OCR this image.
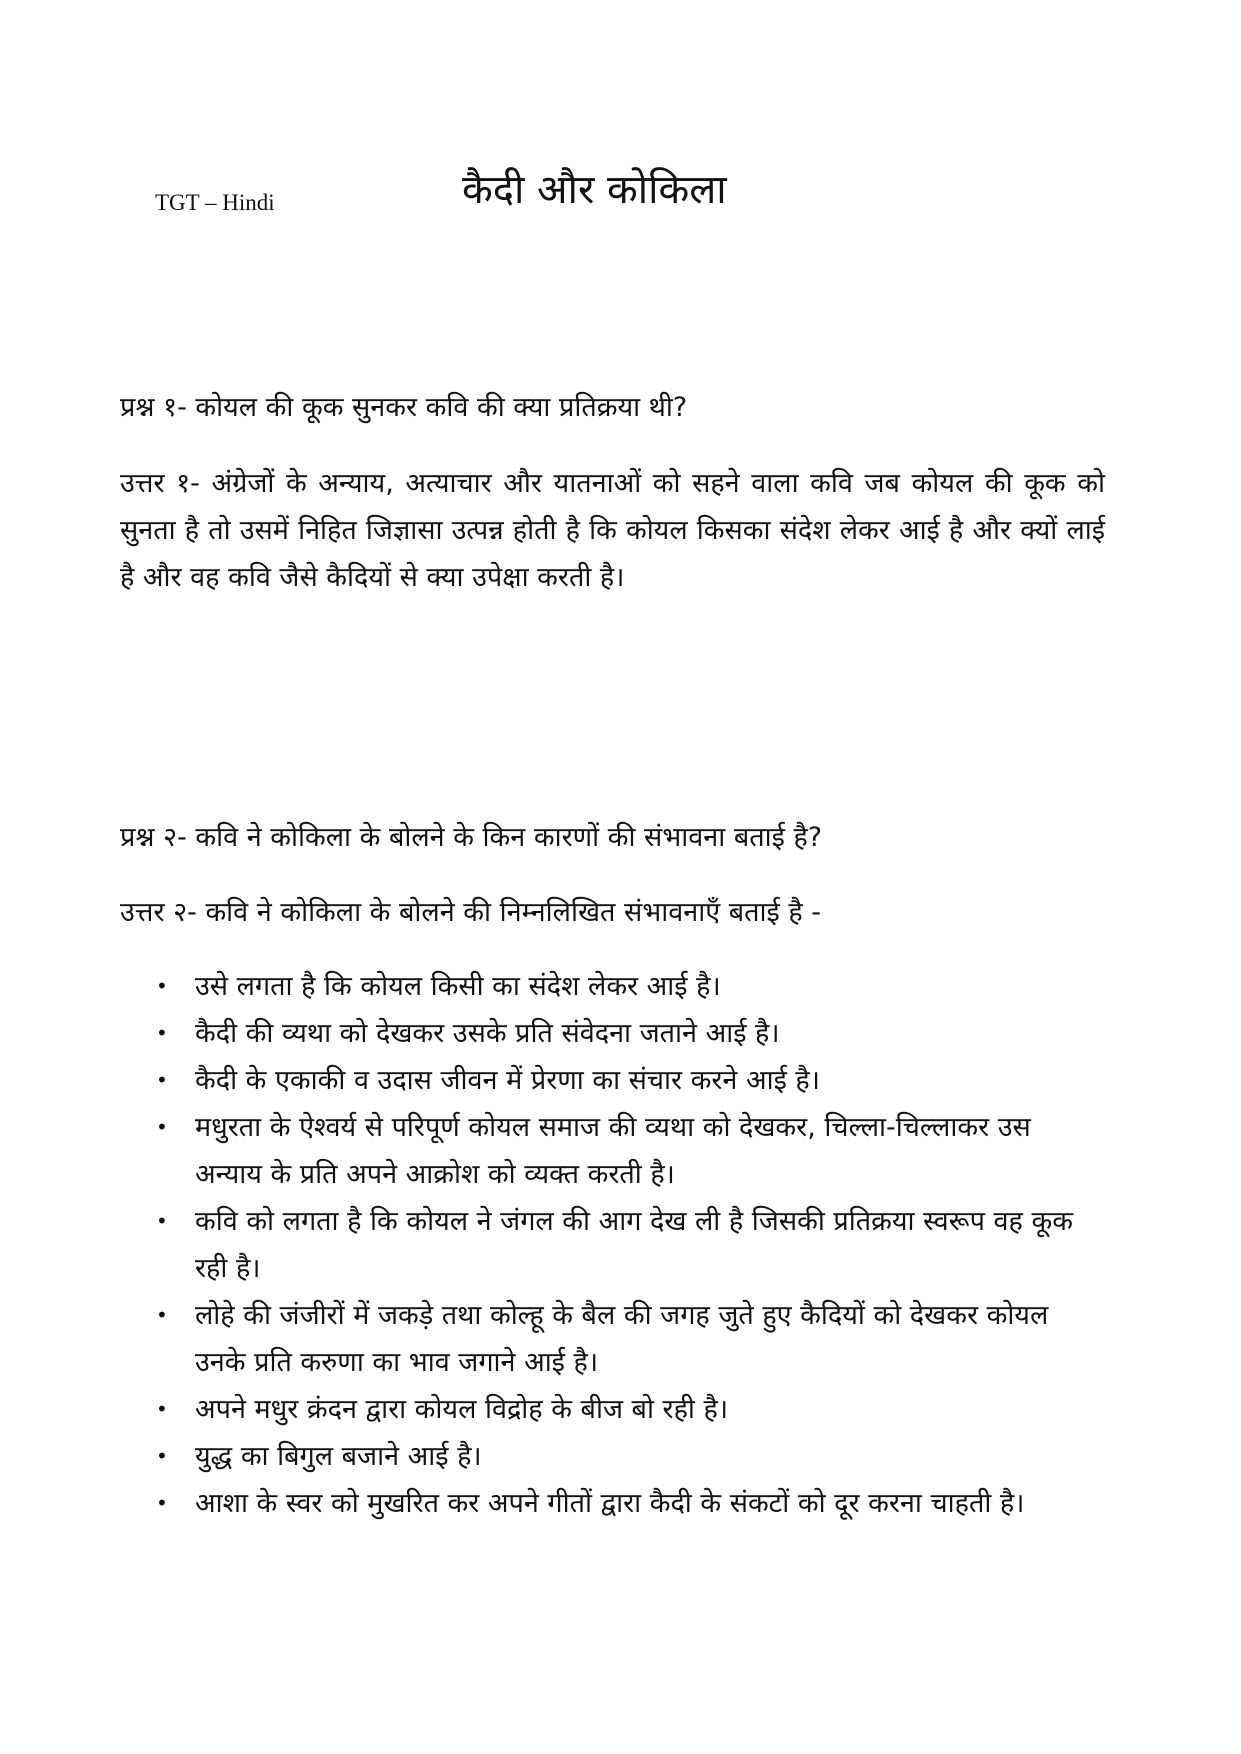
TGT – Hindi	कैदी और कोकिला
प्रश्न १- कोयल की कूक सुनकर कवि की क्या प्रतिक्रया थी?
उत्तर १- अंग्रेजों के अन्याय, अत्याचार और यातनाओं को सहने वाला कवि जब कोयल की कूक को सुनता है तो उसमें निहित जिज्ञासा उत्पन्न होती है कि कोयल किसका संदेश लेकर आई है और क्यों लाई है और वह कवि जैसे कैदियों से क्या उपेक्षा करती है।
प्रश्न २- कवि ने कोकिला के बोलने के किन कारणों की संभावना बताई है?
उत्तर २- कवि ने कोकिला के बोलने की निम्नलिखित संभावनाएँ बताई है -
• उसे लगता है कि कोयल किसी का संदेश लेकर आई है।
• कैदी की व्यथा को देखकर उसके प्रति संवेदना जताने आई है।
• कैदी के एकाकी व उदास जीवन में प्रेरणा का संचार करने आई है।
• मधुरता के ऐश्वर्य से परिपूर्ण कोयल समाज की व्यथा को देखकर, चिल्ला-चिल्लाकर उस अन्याय के प्रति अपने आक्रोश को व्यक्त करती है।
• कवि को लगता है कि कोयल ने जंगल की आग देख ली है जिसकी प्रतिक्रया स्वरूप वह कूक रही है।
• लोहे की जंजीरों में जकड़े तथा कोल्हू के बैल की जगह जुते हुए कैदियों को देखकर कोयल उनके प्रति करुणा का भाव जगाने आई है।
• अपने मधुर क्रंदन द्वारा कोयल विद्रोह के बीज बो रही है।
• युद्ध का बिगुल बजाने आई है।
• आशा के स्वर को मुखरित कर अपने गीतों द्वारा कैदी के संकटों को दूर करना चाहती है।
